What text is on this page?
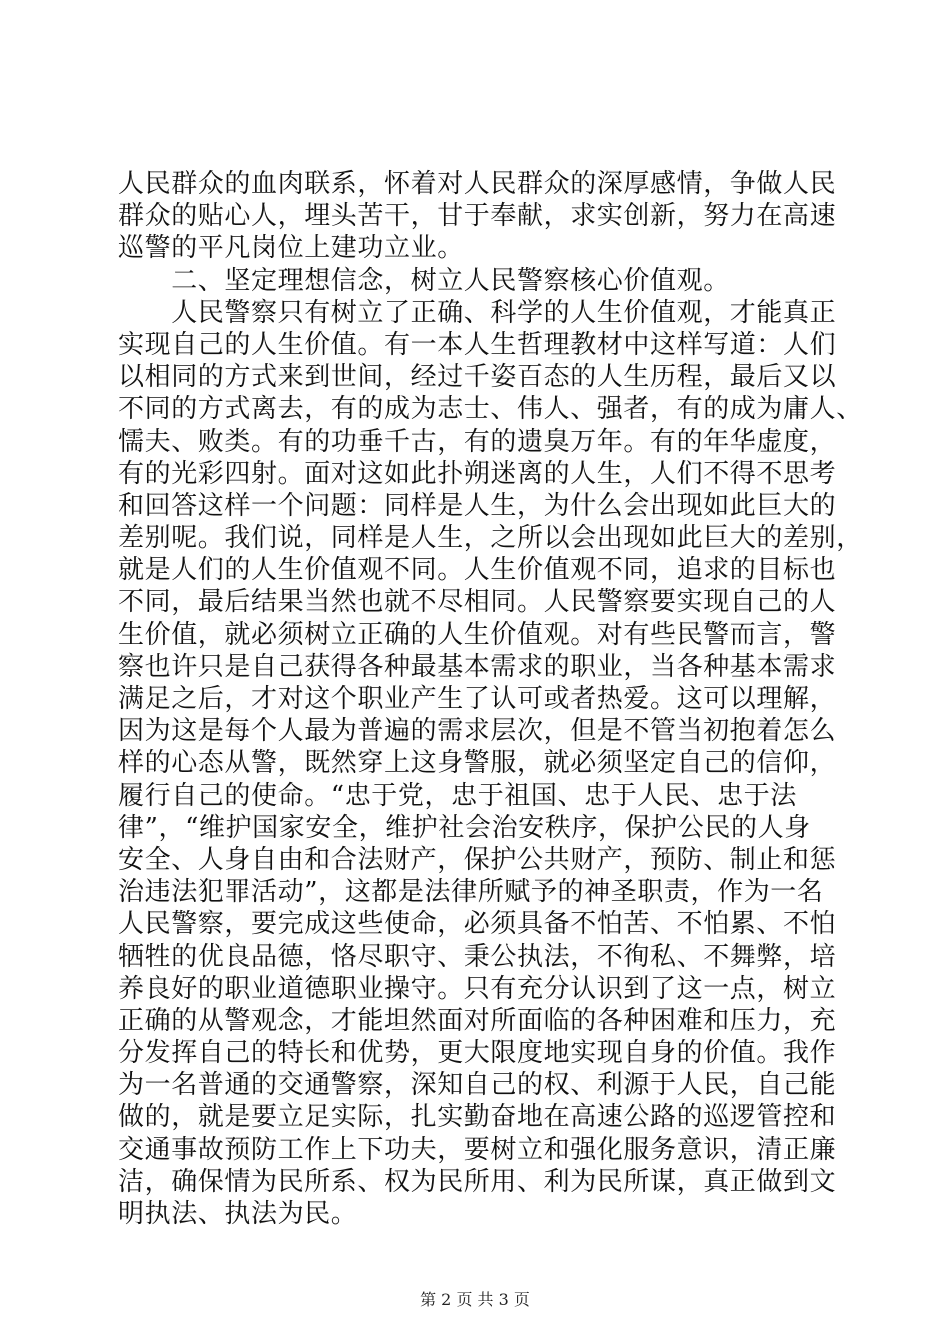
人民群众的血肉联系，怀着对人民群众的深厚感情，争做人民
群众的贴心人，埋头苦干，甘于奉献，求实创新，努力在高速
巡警的平凡岗位上建功立业。
　　二、坚定理想信念，树立人民警察核心价值观。
　　人民警察只有树立了正确、科学的人生价值观，才能真正
实现自己的人生价值。有一本人生哲理教材中这样写道：人们
以相同的方式来到世间，经过千姿百态的人生历程，最后又以
不同的方式离去，有的成为志士、伟人、强者，有的成为庸人、
懦夫、败类。有的功垂千古，有的遗臭万年。有的年华虚度，
有的光彩四射。面对这如此扑朔迷离的人生，人们不得不思考
和回答这样一个问题：同样是人生，为什么会出现如此巨大的
差别呢。我们说，同样是人生，之所以会出现如此巨大的差别，
就是人们的人生价值观不同。人生价值观不同，追求的目标也
不同，最后结果当然也就不尽相同。人民警察要实现自己的人
生价值，就必须树立正确的人生价值观。对有些民警而言，警
察也许只是自己获得各种最基本需求的职业，当各种基本需求
满足之后，才对这个职业产生了认可或者热爱。这可以理解，
因为这是每个人最为普遍的需求层次，但是不管当初抱着怎么
样的心态从警，既然穿上这身警服，就必须坚定自己的信仰，
履行自己的使命。“忠于党，忠于祖国、忠于人民、忠于法
律”，“维护国家安全，维护社会治安秩序，保护公民的人身
安全、人身自由和合法财产，保护公共财产，预防、制止和惩
治违法犯罪活动”，这都是法律所赋予的神圣职责，作为一名
人民警察，要完成这些使命，必须具备不怕苦、不怕累、不怕
牺牲的优良品德，恪尽职守、秉公执法，不徇私、不舞弊，培
养良好的职业道德职业操守。只有充分认识到了这一点，树立
正确的从警观念，才能坦然面对所面临的各种困难和压力，充
分发挥自己的特长和优势，更大限度地实现自身的价值。我作
为一名普通的交通警察，深知自己的权、利源于人民，自己能
做的，就是要立足实际，扎实勤奋地在高速公路的巡逻管控和
交通事故预防工作上下功夫，要树立和强化服务意识，清正廉
洁，确保情为民所系、权为民所用、利为民所谋，真正做到文
明执法、执法为民。
第 2 页 共 3 页
